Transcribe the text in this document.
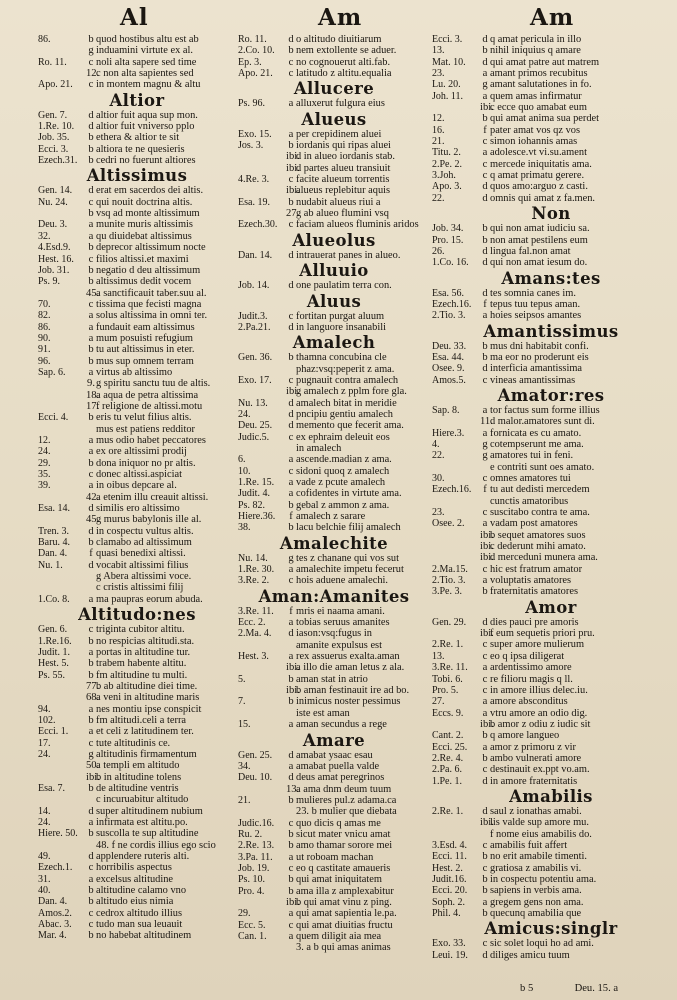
Al	Am	Am
86.	b quod hostibus altu est ab
g induamini virtute ex al.
Ro. 11. c noli alta sapere sed time
12.c non alta sapientes sed
Apo. 21. c in montem magnu & altu
Altior
Gen. 7. d altior fuit aqua sup mon.
1.Re. 10. d altior fuit vniverso pplo
Job. 35. b ethera & altior te sit
Ecci. 3. b altiora te ne quesieris
Ezech.31. b cedri no fuerunt altiores
Altissimus
Gen. 14. d erat em sacerdos dei altis.
Nu. 24. c qui nouit doctrina altis.
b vsq ad monte altissimum
Deu. 3. a munite muris altissimis
32.	a qu diuidebat altissimus
4.Esd.9. b deprecor altissimum nocte
Hest. 16. c filios altissi.et maximi
Job. 31. b negatio d deu altissimum
Ps. 9.	b altissimus dedit vocem
45.a sanctificauit taber.suu al.
70.	c tissima que fecisti magna
82.	a solus altissima in omni ter.
86.	a fundauit eam altissimus
90.	a mum posuisti refugium
91.	b tu aut altissimus in eter.
96.	b mus sup omnem terram
Sap. 6. a virtus ab altissimo
9.g spiritu sanctu tuu de altis.
18.a aqua de petra altissima
17.f religione de altissi.motu
Ecci. 4. b eris tu velut filius altis.
mus est patiens redditor
12.	a mus odio habet peccatores
24.	a ex ore altissimi prodij
29.	b dona iniquor no pr altis.
35.	c donec altissi.aspiciat
39.	a in oibus depcare al.
42.a etenim illu creauit altissi.
Esa. 14. d similis ero altissimo
45.g murus babylonis ille al.
Tren. 3. d in cospectu vultus altis.
Baru. 4. b clamabo ad altissimum
Dan. 4. f quasi benedixi altissi.
Nu. 1. d vocabit altissimi filius
g Abera altissimi voce.
c cristis altissimi filij
1.Co. 8. a ma paupras eorum abuda.
Altitudo:nes
Gen. 6. c triginta cubitor altitu.
1.Re.16. b no respicias altitudi.sta.
Judit. 1. a portas in altitudine tur.
Hest. 5. b trabem habente altitu.
Ps. 55. b fm altitudine tu multi.
77.b ab altitudine diei time.
68.a veni in altitudine maris
94.	a nes montiu ipse conspicit
102.	b fm altitudi.celi a terra
Ecci. 1. a et celi z latitudinem ter.
17.	c tute altitudinis ce.
24.	g altitudinis firmamentum
50.a templi em altitudo
ibi.b in altitudine tolens
Esa. 7. b de altitudine ventris
c incuruabitur altitudo
14.	d super altitudinem nubium
24.	a infirmata est altitu.po.
Hiere. 50. b suscolla te sup altitudine
48. f ne cordis illius ego scio
49.	d applendere ruteris alti.
Ezech.1. c horribilis aspectus
31.	a excelsus altitudine
40.	b altitudine calamo vno
Dan. 4. b altitudo eius nimia
Amos.2. c cedrox altitudo illius
Abac. 3. c tudo man sua leuauit
Mar. 4. b no habebat altitudinem
Ro. 11. d o altitudo diuitiarum
2.Co. 10. b nem extollente se aduer.
Ep. 3.	c no cognouerut alti.fab.
Apo. 21. c latitudo z altitu.equalia
Allucere
Ps. 96. a alluxerut fulgura eius
Alueus
Exo. 15. a per crepidinem aluei
Jos. 3. b iordanis qui ripas aluei
ibi.d in alueo iordanis stab.
ibi.d partes alueu transiuit
4.Re. 3. c facite alueum torrentis
ibi.alueus replebitur aquis
Esa. 19. b nudabit alueus riui a
27.g ab alueo flumini vsq
Ezech.30. c faciam alueos fluminis aridos
Alueolus
Dan. 14. d intrauerat panes in alueo.
Alluuio
Job. 14. d one paulatim terra con.
Aluus
Judit.3. c fortitan purgat aluum
2.Pa.21. d in languore insanabili
Amalech
Gen. 36. b thamna concubina cle
phaz:vsq:peperit z ama.
Exo. 17. c pugnauit contra amalech
ibi.g amalech z pplm fore gla.
Nu. 13. d amalech bitat in meridie
24.	d pncipiu gentiu amalech
Deu. 25. d memento que fecerit ama.
Judic.5. c ex ephraim deleuit eos
in amalech
6.	a ascende.madian z ama.
10.	c sidoni quoq z amalech
1.Re. 15. a vade z pcute amalech
Judit. 4. a cofidentes in virtute ama.
Ps. 82. b gebal z ammon z ama.
Hiere.36. f amalech z sarare
38.	b lacu belchie filij amalech
Amalechite
Nu. 14. g tes z chanane qui vos sut
1.Re. 30. a amalechite impetu fecerut
3.Re. 2. c hois aduene amalechi.
Aman:Amanites
3.Re. 11. f mris ei naama amani.
Ecc. 2. a tobias seruus amanites
2.Ma. 4. d iason:vsq:fugus in
amanite expulsus est
Hest. 3. a rex assuerus exalta.aman
ibi.a illo die aman letus z ala.
5.	b aman stat in atrio
ibi.b aman festinauit ire ad bo.
7.	b inimicus noster pessimus
iste est aman
15.	a aman secundus a rege
Amare
Gen. 25. d amabat ysaac esau
34.	a amabat puella valde
Deu. 10. d deus amat peregrinos
13.a ama dnm deum tuum
21.	b mulieres pul.z adama.ca
23. b mulier que diebata
Judic.16. c quo dicis q amas me
Ru. 2. b sicut mater vnicu amat
2.Re. 13. b amo thamar sorore mei
3.Pa. 11. a ut roboam machan
Job. 19. c eo q castitate amaueris
Ps. 10. b qui amat iniquitatem
Pro. 4. b ama illa z amplexabitur
ibi.b qui amat vinu z ping.
29.	a qui amat sapientia le.pa.
Ecc. 5. c qui amat diuitias fructu
Can. 1. a quem diligit aia mea
3. a b qui amas animas
Ecci. 3. d q amat pericula in illo
13.	b nihil iniquius q amare
Mat. 10. d qui amat patre aut matrem
23.	a amant primos recubitus
Lu. 20. g amant salutationes in fo.
Joh. 11. a quem amas infirmatur
ibi.c ecce quo amabat eum
12.	b qui amat anima sua perdet
16.	f pater amat vos qz vos
21.	c simon iohannis amas
Titu. 2. a adolesce.vt vi.su.ament
2.Pe. 2. c mercede iniquitatis ama.
3.Joh.	c q amat primatu gerere.
Apo. 3. d quos amo:arguo z casti.
22.	d omnis qui amat z fa.men.
Non
Job. 34. b qui non amat iudiciu sa.
Pro. 15. b non amat pestilens eum
26.	d lingua fal.non amat
1.Co. 16. d qui non amat iesum do.
Amans:tes
Esa. 56. d tes somnia canes im.
Ezech.16. f tepus tuu tepus aman.
2.Tio. 3. a hoies seipsos amantes
Amantissimus
Deu. 33. b mus dni habitabit confi.
Esa. 44. b ma eor no proderunt eis
Osee. 9. d interficia amantissima
Amos.5. c vineas amantissimas
Amator:res
Sap. 8. a tor factus sum forme illius
11.d malor.amatores sunt di.
Hiere.3. a fornicata es cu amato.
4.	g cotempserunt me ama.
22.	g amatores tui in feni.
e contriti sunt oes amato.
30.	c omnes amatores tui
Ezech.16. f tu aut dedisti mercedem
cunctis amatoribus
23.	c suscitabo contra te ama.
Osee. 2. a vadam post amatores
ibi.b sequet amatores suos
ibi.c dederunt mihi amato.
ibi.d merceduni munera ama.
2.Ma.15. c hic est fratrum amator
2.Tio. 3. a voluptatis amatores
3.Pe. 3. b fraternitatis amatores
Amor
Gen. 29. d dies pauci pre amoris
ibi.f eum sequetis priori pru.
2.Re. 1. c super amore mulierum
13.	c eo q ipsa diligerat
3.Re. 11. a ardentissimo amore
Tobi. 6. c re filioru magis q ll.
Pro. 5. c in amore illius delec.iu.
27.	a amore absconditus
Eccs. 9. a vtru amore an odio dig.
ibi.b amor z odiu z iudic sit
Cant. 2. b q amore langueo
Ecci. 25. a amor z primoru z vir
2.Re. 4. b ambo vulnerati amore
2.Pa. 6. c destinauit ex.ppt vo.am.
1.Pe. 1. d in amore fraternitatis
Amabilis
2.Re. 1. d saul z ionathas amabi.
ibi.lis valde sup amore mu.
f nome eius amabilis do.
3.Esd. 4. c amabilis fuit affert
Ecci. 11. b no erit amabile timenti.
Hest. 2. c gratiosa z amabilis vi.
Judit.16. b in cospectu potentiu ama.
Ecci. 20. b sapiens in verbis ama.
Soph. 2. a gregem gens non ama.
Phil. 4. b quecunq amabilia que
Amicus:singlr
Exo. 33. c sic solet loqui ho ad ami.
Leui. 19. d diliges amicu tuum
b 5	Deu. 15. a
